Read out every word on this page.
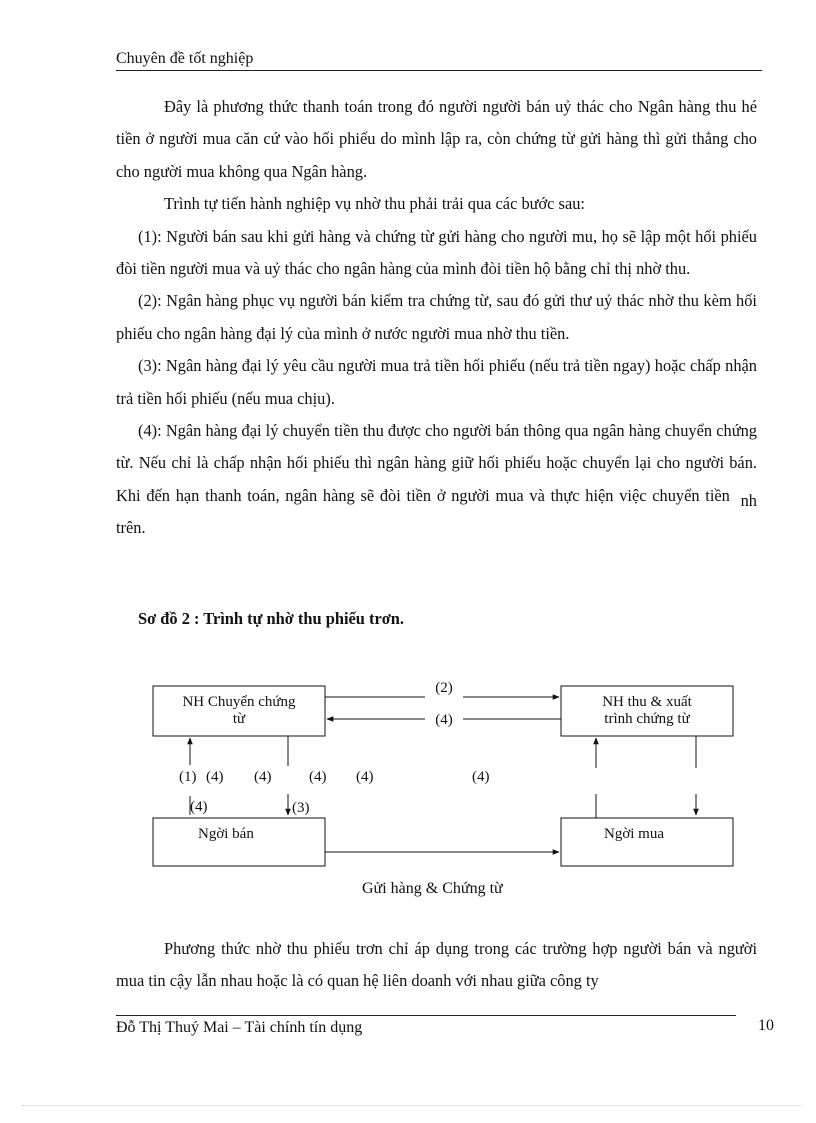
Chuyên đề tốt nghiệp

Đây là phương thức thanh toán trong đó người người bán uỷ thác cho Ngân hàng thu hé tiền ở người mua căn cứ vào hối phiếu do mình lập ra, còn chứng từ gửi hàng thì gửi thẳng cho cho người mua không qua Ngân hàng.

Trình tự tiến hành nghiệp vụ nhờ thu phải trải qua các bước sau:

(1): Người bán sau khi gửi hàng và chứng từ gửi hàng cho người mu, họ sẽ lập một hối phiếu đòi tiền người mua và uỷ thác cho ngân hàng của mình đòi tiền hộ bằng chỉ thị nhờ thu.

(2): Ngân hàng phục vụ người bán kiểm tra chứng từ, sau đó gửi thư uỷ thác nhờ thu kèm hối phiếu cho ngân hàng đại lý của mình ở nước người mua nhờ thu tiền.

(3): Ngân hàng đại lý yêu cầu người mua trả tiền hối phiếu (nếu trả tiền ngay) hoặc chấp nhận trả tiền hối phiếu (nếu mua chịu).

(4): Ngân hàng đại lý chuyển tiền thu được cho người bán thông qua ngân hàng chuyển chứng từ. Nếu chỉ là chấp nhận hối phiếu thì ngân hàng giữ hối phiếu hoặc chuyển lại cho người bán. Khi đến hạn thanh toán, ngân hàng sẽ đòi tiền ở người mua và thực hiện việc chuyển tiền nh trên.

Sơ đồ 2 : Trình tự nhờ thu phiếu trơn.
NH Chuyển chứng
từ
NH thu & xuất
trình chứng từ
Ngời bán	Ngời mua
(2)
(4)
(1) (4) (4)	(4) (4)	(4)
(4)	(3)
Gửi hàng & Chứng từ

Phương thức nhờ thu phiếu trơn chỉ áp dụng trong các trường hợp người bán và người mua tin cậy lẫn nhau hoặc là có quan hệ liên doanh với nhau giữa công ty

Đỗ Thị Thuý Mai – Tài chính tín dụng	10
